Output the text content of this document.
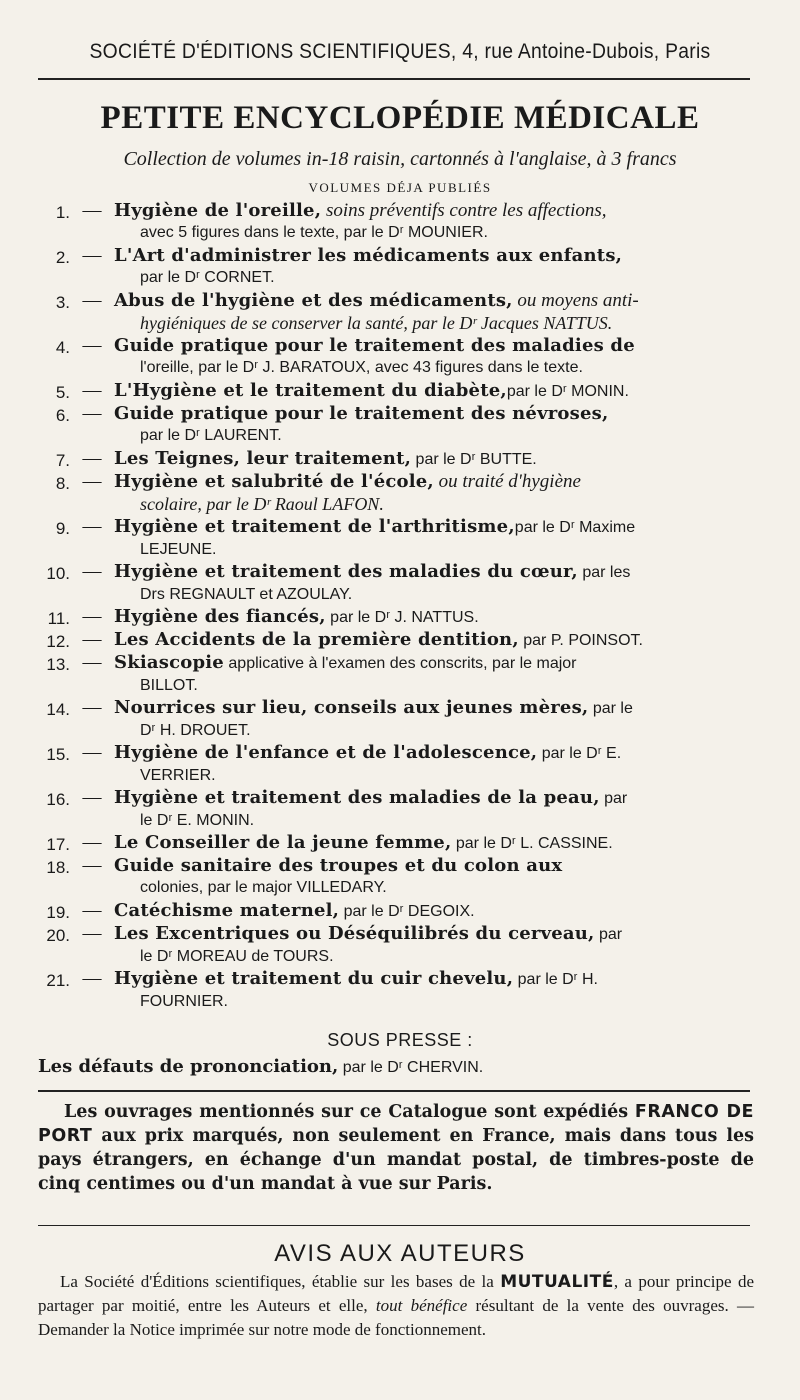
SOCIÉTÉ D'ÉDITIONS SCIENTIFIQUES, 4, rue Antoine-Dubois, Paris
PETITE ENCYCLOPÉDIE MÉDICALE
Collection de volumes in-18 raisin, cartonnés à l'anglaise, à 3 francs
VOLUMES DÉJA PUBLIÉS
1. — Hygiène de l'oreille, soins préventifs contre les affections,
avec 5 figures dans le texte, par le Dʳ MOUNIER.
2. — L'Art d'administrer les médicaments aux enfants,
par le Dʳ CORNET.
3. — Abus de l'hygiène et des médicaments, ou moyens anti-
hygiéniques de se conserver la santé, par le Dʳ Jacques NATTUS.
4. — Guide pratique pour le traitement des maladies de
l'oreille, par le Dʳ J. BARATOUX, avec 43 figures dans le texte.
5. — L'Hygiène et le traitement du diabète,par le Dʳ MONIN.
6. — Guide pratique pour le traitement des névroses,
par le Dʳ LAURENT.
7. — Les Teignes, leur traitement, par le Dʳ BUTTE.
8. — Hygiène et salubrité de l'école, ou traité d'hygiène
scolaire, par le Dʳ Raoul LAFON.
9. — Hygiène et traitement de l'arthritisme,par le Dʳ Maxime
LEJEUNE.
10. — Hygiène et traitement des maladies du cœur, par les
Drs REGNAULT et AZOULAY.
11. — Hygiène des fiancés, par le Dʳ J. NATTUS.
12. — Les Accidents de la première dentition, par P. POINSOT.
13. — Skiascopie applicative à l'examen des conscrits, par le major
BILLOT.
14. — Nourrices sur lieu, conseils aux jeunes mères, par le
Dʳ H. DROUET.
15. — Hygiène de l'enfance et de l'adolescence, par le Dʳ E.
VERRIER.
16. — Hygiène et traitement des maladies de la peau, par
le Dʳ E. MONIN.
17. — Le Conseiller de la jeune femme, par le Dʳ L. CASSINE.
18. — Guide sanitaire des troupes et du colon aux
colonies, par le major VILLEDARY.
19. — Catéchisme maternel, par le Dʳ DEGOIX.
20. — Les Excentriques ou Déséquilibrés du cerveau, par
le Dʳ MOREAU de TOURS.
21. — Hygiène et traitement du cuir chevelu, par le Dʳ H.
FOURNIER.
SOUS PRESSE :
Les défauts de prononciation, par le Dʳ CHERVIN.
Les ouvrages mentionnés sur ce Catalogue sont expédiés FRANCO DE PORT aux prix marqués, non seulement en France, mais dans tous les pays étrangers, en échange d'un mandat postal, de timbres-poste de cinq centimes ou d'un mandat à vue sur Paris.
AVIS AUX AUTEURS
La Société d'Éditions scientifiques, établie sur les bases de la MUTUALITÉ, a pour principe de partager par moitié, entre les Auteurs et elle, tout bénéfice résultant de la vente des ouvrages. — Demander la Notice imprimée sur notre mode de fonctionnement.
